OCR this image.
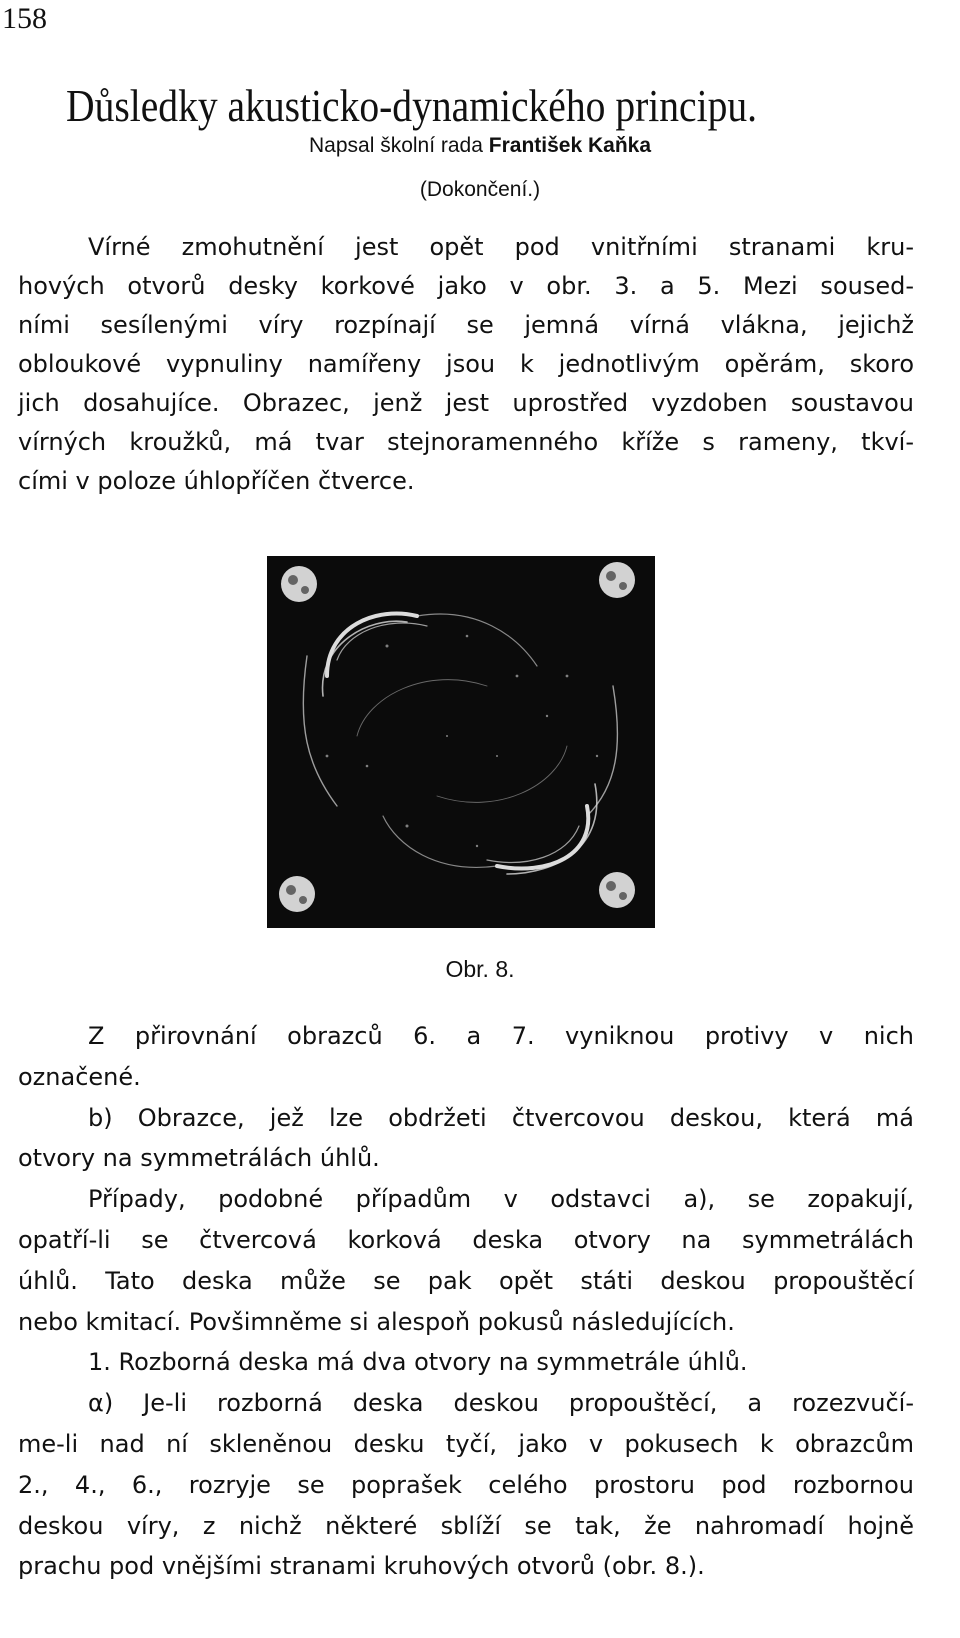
158
Důsledky akusticko-dynamického principu.
Napsal školní rada František Kaňka
(Dokončení.)
Vírné zmohutnění jest opět pod vnitřními stranami kru-
hových otvorů desky korkové jako v obr. 3. a 5. Mezi soused-
ními sesílenými víry rozpínají se jemná vírná vlákna, jejichž
obloukové vypnuliny namířeny jsou k jednotlivým opěrám, skoro
jich dosahujíce. Obrazec, jenž jest uprostřed vyzdoben soustavou
vírných kroužků, má tvar stejnoramenného kříže s rameny, tkví-
cími v poloze úhlopříčen čtverce.
Obr. 8.
Z přirovnání obrazců 6. a 7. vyniknou protivy v nich
označené.
b) Obrazce, jež lze obdržeti čtvercovou deskou, která má
otvory na symmetrálách úhlů.
Případy, podobné případům v odstavci a), se zopakují,
opatří-li se čtvercová korková deska otvory na symmetrálách
úhlů. Tato deska může se pak opět státi deskou propouštěcí
nebo kmitací. Povšimněme si alespoň pokusů následujících.
1. Rozborná deska má dva otvory na symmetrále úhlů.
α) Je-li rozborná deska deskou propouštěcí, a rozezvučí-
me-li nad ní skleněnou desku tyčí, jako v pokusech k obrazcům
2., 4., 6., rozryje se poprašek celého prostoru pod rozbornou
deskou víry, z nichž některé sblíží se tak, že nahromadí hojně
prachu pod vnějšími stranami kruhových otvorů (obr. 8.).
